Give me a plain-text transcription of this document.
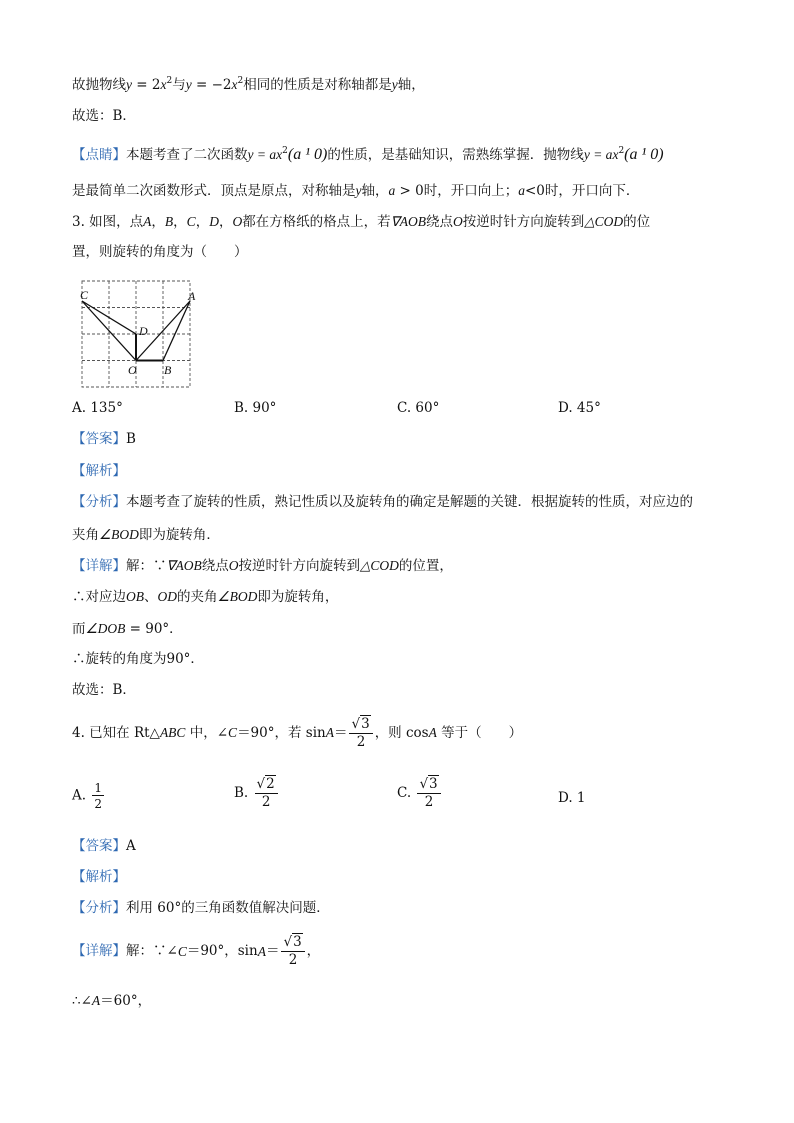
故抛物线$y = 2x^2$与$y = -2x^2$相同的性质是对称轴都是y轴，
故选：B．
【点睛】本题考查了二次函数$y = ax^2(a$ ¹ 0)的性质，是基础知识，需熟练掌握．抛物线$y = ax^2(a$ ¹ 0)
是最简单二次函数形式．顶点是原点，对称轴是y轴，a > 0时，开口向上；a<0时，开口向下．
3. 如图，点A，B，C，D，O都在方格纸的格点上，若∇AOB绕点O按逆时针方向旋转到△COD的位
置，则旋转的角度为（　　）
C	A
D
O B
A. 135°	B. 90°	C. 60°	D. 45°
【答案】B
【解析】
【分析】本题考查了旋转的性质，熟记性质以及旋转角的确定是解题的关键．根据旋转的性质，对应边的
夹角∠BOD即为旋转角．
【详解】解：∵∇AOB绕点O按逆时针方向旋转到△COD的位置，
∴对应边OB、OD的夹角∠BOD即为旋转角，
而∠DOB = 90°．
∴旋转的角度为90°．
故选：B．
4. 已知在 Rt△ABC 中，∠C＝90°，若 $\sin A= \frac{√3}{2}$ ，则 cosA 等于（　　）
A. $\frac{1}{2}$	B. $\frac{√2}{2}$	C. $\frac{√3}{2}$	D. 1
【答案】A
【解析】
【分析】利用 60°的三角函数值解决问题．
【详解】解：∵∠C＝90°，$\sin A= \frac{√3}{2}$ ，
∴∠A＝60°，
